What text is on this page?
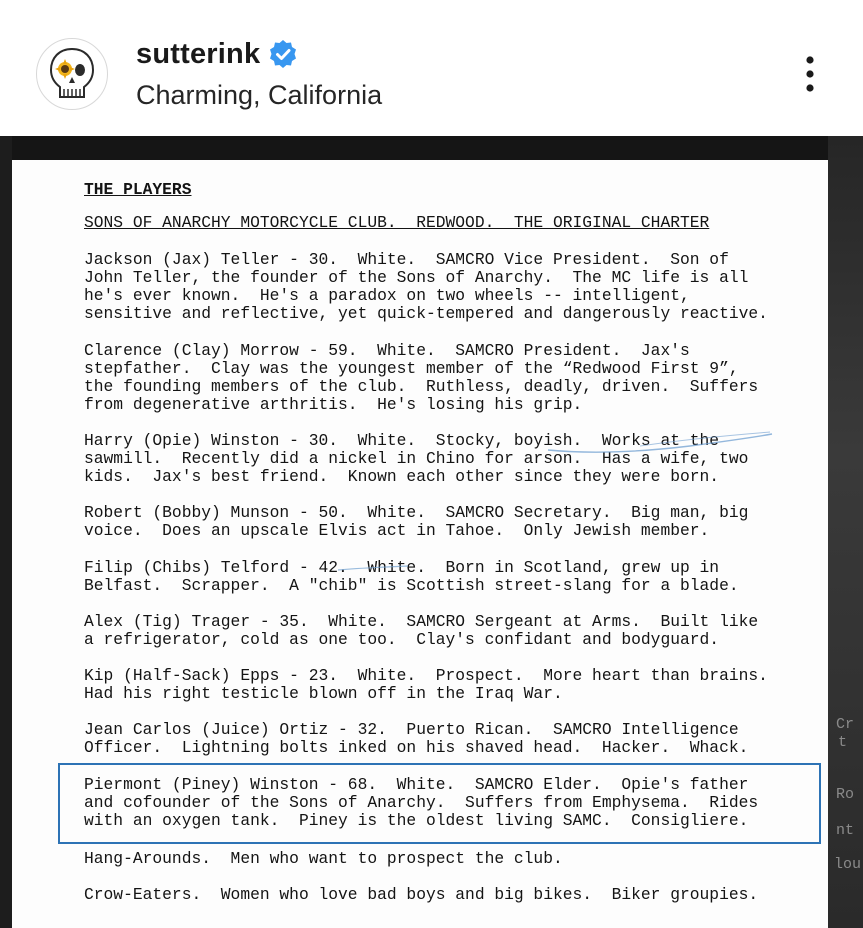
sutterink
Charming, California
Cr
t
Ro
nt
lou
THE PLAYERS
SONS OF ANARCHY MOTORCYCLE CLUB.  REDWOOD.  THE ORIGINAL CHARTER
Jackson (Jax) Teller - 30.  White.  SAMCRO Vice President.  Son of
John Teller, the founder of the Sons of Anarchy.  The MC life is all
he's ever known.  He's a paradox on two wheels -- intelligent,
sensitive and reflective, yet quick-tempered and dangerously reactive.
Clarence (Clay) Morrow - 59.  White.  SAMCRO President.  Jax's
stepfather.  Clay was the youngest member of the “Redwood First 9”,
the founding members of the club.  Ruthless, deadly, driven.  Suffers
from degenerative arthritis.  He's losing his grip.
Harry (Opie) Winston - 30.  White.  Stocky, boyish.  Works at the
sawmill.  Recently did a nickel in Chino for arson.  Has a wife, two
kids.  Jax's best friend.  Known each other since they were born.
Robert (Bobby) Munson - 50.  White.  SAMCRO Secretary.  Big man, big
voice.  Does an upscale Elvis act in Tahoe.  Only Jewish member.
Filip (Chibs) Telford - 42.  White.  Born in Scotland, grew up in
Belfast.  Scrapper.  A "chib" is Scottish street-slang for a blade.
Alex (Tig) Trager - 35.  White.  SAMCRO Sergeant at Arms.  Built like
a refrigerator, cold as one too.  Clay's confidant and bodyguard.
Kip (Half-Sack) Epps - 23.  White.  Prospect.  More heart than brains.
Had his right testicle blown off in the Iraq War.
Jean Carlos (Juice) Ortiz - 32.  Puerto Rican.  SAMCRO Intelligence
Officer.  Lightning bolts inked on his shaved head.  Hacker.  Whack.
Piermont (Piney) Winston - 68.  White.  SAMCRO Elder.  Opie's father
and cofounder of the Sons of Anarchy.  Suffers from Emphysema.  Rides
with an oxygen tank.  Piney is the oldest living SAMC.  Consigliere.
Hang-Arounds.  Men who want to prospect the club.
Crow-Eaters.  Women who love bad boys and big bikes.  Biker groupies.
